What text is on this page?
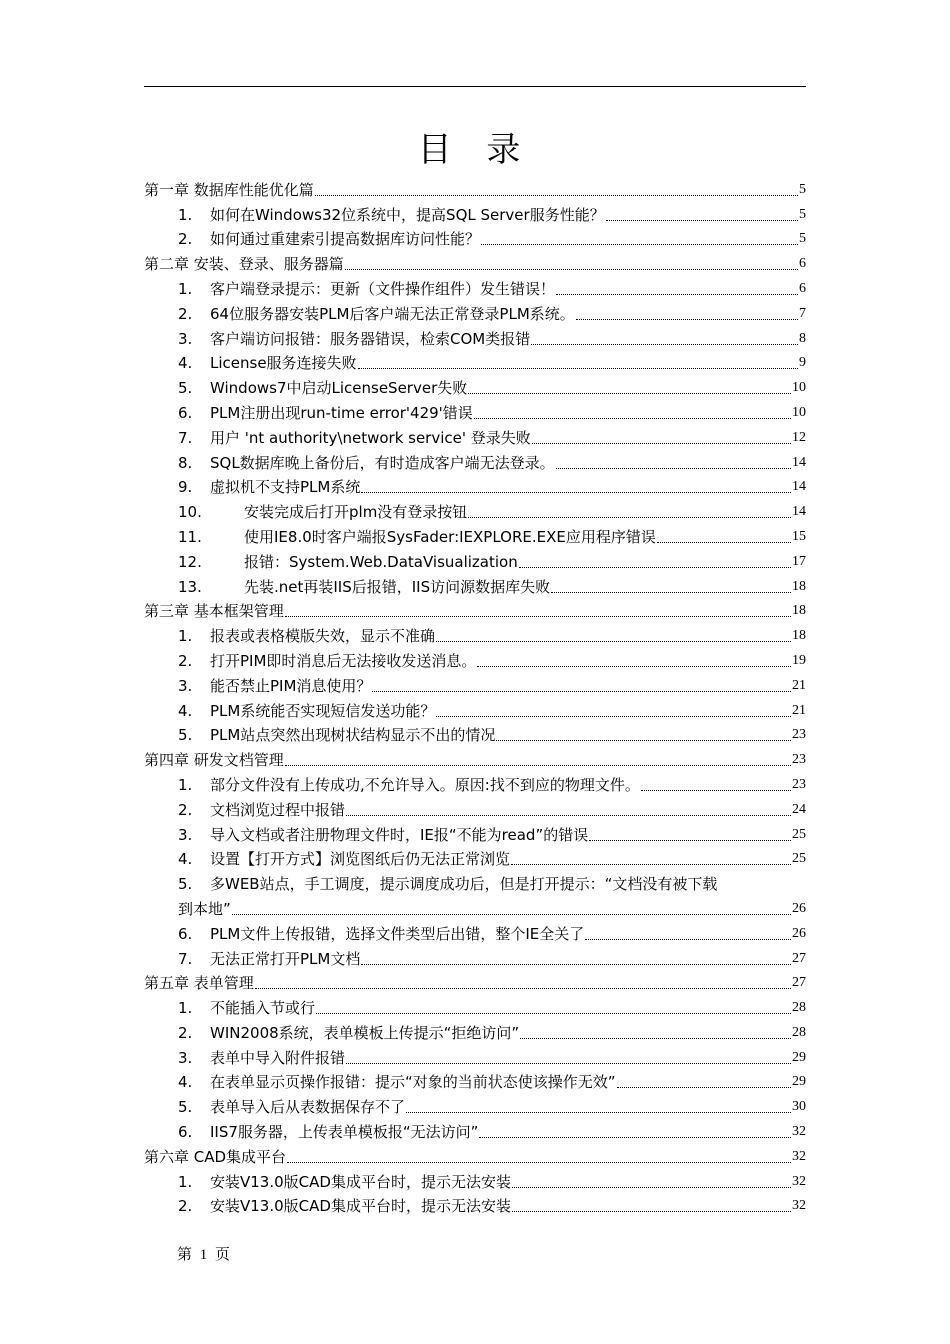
目 录
第一章 数据库性能优化篇	5
1.	如何在Windows32位系统中，提高SQL Server服务性能？	5
2.	如何通过重建索引提高数据库访问性能？	5
第二章 安装、登录、服务器篇	6
1.	客户端登录提示：更新（文件操作组件）发生错误！	6
2.	64位服务器安装PLM后客户端无法正常登录PLM系统。	7
3.	客户端访问报错：服务器错误，检索COM类报错	8
4.	License服务连接失败	9
5.	Windows7中启动LicenseServer失败	10
6.	PLM注册出现run-time error'429'错误	10
7.	用户 'nt authority\network service' 登录失败	12
8.	SQL数据库晚上备份后，有时造成客户端无法登录。	14
9.	虚拟机不支持PLM系统	14
10.	安装完成后打开plm没有登录按钮	14
11.	使用IE8.0时客户端报SysFader:IEXPLORE.EXE应用程序错误	15
12.	报错：System.Web.DataVisualization	17
13.	先装.net再装IIS后报错，IIS访问源数据库失败	18
第三章 基本框架管理	18
1.	报表或表格模版失效，显示不准确	18
2.	打开PIM即时消息后无法接收发送消息。	19
3.	能否禁止PIM消息使用？	21
4.	PLM系统能否实现短信发送功能？	21
5.	PLM站点突然出现树状结构显示不出的情况	23
第四章 研发文档管理	23
1.	部分文件没有上传成功,不允许导入。原因:找不到应的物理文件。	23
2.	文档浏览过程中报错	24
3.	导入文档或者注册物理文件时，IE报“不能为read”的错误	25
4.	设置【打开方式】浏览图纸后仍无法正常浏览	25
5.	多WEB站点，手工调度，提示调度成功后，但是打开提示：“文档没有被下载
到本地”	26
6.	PLM文件上传报错，选择文件类型后出错，整个IE全关了	26
7.	无法正常打开PLM文档	27
第五章 表单管理	27
1.	不能插入节或行	28
2.	WIN2008系统，表单模板上传提示“拒绝访问”	28
3.	表单中导入附件报错	29
4.	在表单显示页操作报错：提示“对象的当前状态使该操作无效”	29
5.	表单导入后从表数据保存不了	30
6.	IIS7服务器，上传表单模板报“无法访问”	32
第六章 CAD集成平台	32
1.	安装V13.0版CAD集成平台时，提示无法安装	32
2.	安装V13.0版CAD集成平台时，提示无法安装	32
第 1 页
